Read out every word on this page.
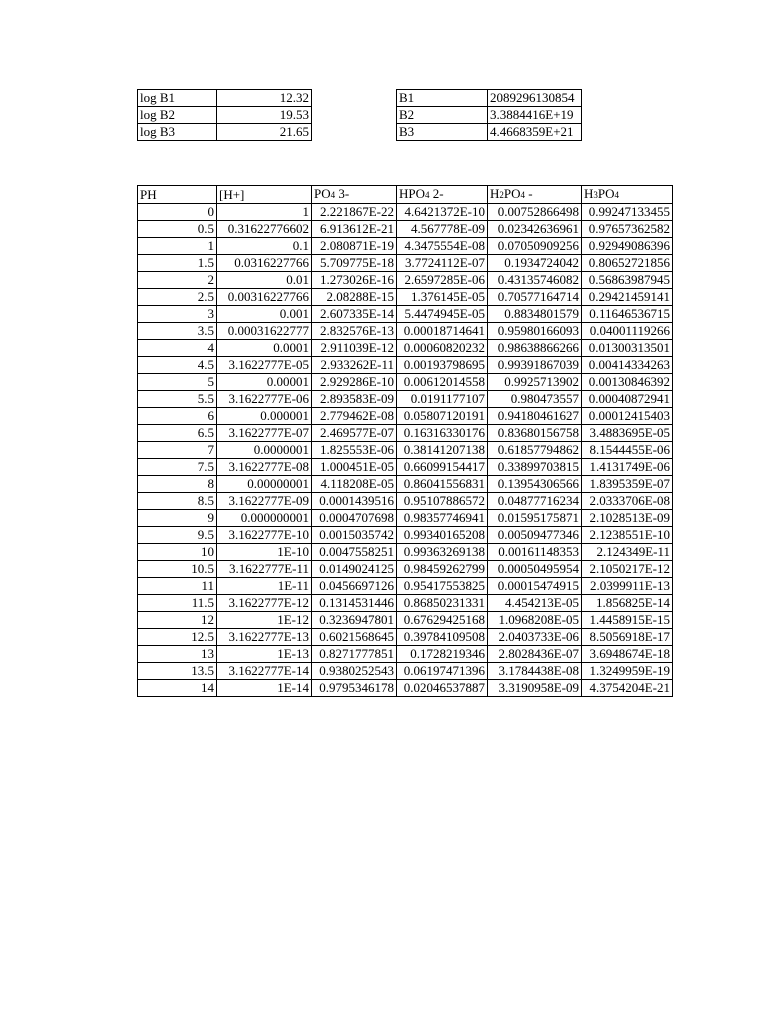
log B1	12.32
log B2	19.53
log B3	21.65
B1	2089296130854
B2	3.3884416E+19
B3	4.4668359E+21
PH	[H+]	PO4 3-	HPO4 2-	H2PO4 -	H3PO4
0	1	2.221867E-22	4.6421372E-10	0.00752866498	0.99247133455
0.5	0.31622776602	6.913612E-21	4.567778E-09	0.02342636961	0.97657362582
1	0.1	2.080871E-19	4.3475554E-08	0.07050909256	0.92949086396
1.5	0.0316227766	5.709775E-18	3.7724112E-07	0.1934724042	0.80652721856
2	0.01	1.273026E-16	2.6597285E-06	0.43135746082	0.56863987945
2.5	0.00316227766	2.08288E-15	1.376145E-05	0.70577164714	0.29421459141
3	0.001	2.607335E-14	5.4474945E-05	0.8834801579	0.11646536715
3.5	0.00031622777	2.832576E-13	0.00018714641	0.95980166093	0.04001119266
4	0.0001	2.911039E-12	0.00060820232	0.98638866266	0.01300313501
4.5	3.1622777E-05	2.933262E-11	0.00193798695	0.99391867039	0.00414334263
5	0.00001	2.929286E-10	0.00612014558	0.9925713902	0.00130846392
5.5	3.1622777E-06	2.893583E-09	0.0191177107	0.980473557	0.00040872941
6	0.000001	2.779462E-08	0.05807120191	0.94180461627	0.00012415403
6.5	3.1622777E-07	2.469577E-07	0.16316330176	0.83680156758	3.4883695E-05
7	0.0000001	1.825553E-06	0.38141207138	0.61857794862	8.1544455E-06
7.5	3.1622777E-08	1.000451E-05	0.66099154417	0.33899703815	1.4131749E-06
8	0.00000001	4.118208E-05	0.86041556831	0.13954306566	1.8395359E-07
8.5	3.1622777E-09	0.0001439516	0.95107886572	0.04877716234	2.0333706E-08
9	0.000000001	0.0004707698	0.98357746941	0.01595175871	2.1028513E-09
9.5	3.1622777E-10	0.0015035742	0.99340165208	0.00509477346	2.1238551E-10
10	1E-10	0.0047558251	0.99363269138	0.00161148353	2.124349E-11
10.5	3.1622777E-11	0.0149024125	0.98459262799	0.00050495954	2.1050217E-12
11	1E-11	0.0456697126	0.95417553825	0.00015474915	2.0399911E-13
11.5	3.1622777E-12	0.1314531446	0.86850231331	4.454213E-05	1.856825E-14
12	1E-12	0.3236947801	0.67629425168	1.0968208E-05	1.4458915E-15
12.5	3.1622777E-13	0.6021568645	0.39784109508	2.0403733E-06	8.5056918E-17
13	1E-13	0.8271777851	0.1728219346	2.8028436E-07	3.6948674E-18
13.5	3.1622777E-14	0.9380252543	0.06197471396	3.1784438E-08	1.3249959E-19
14	1E-14	0.9795346178	0.02046537887	3.3190958E-09	4.3754204E-21
